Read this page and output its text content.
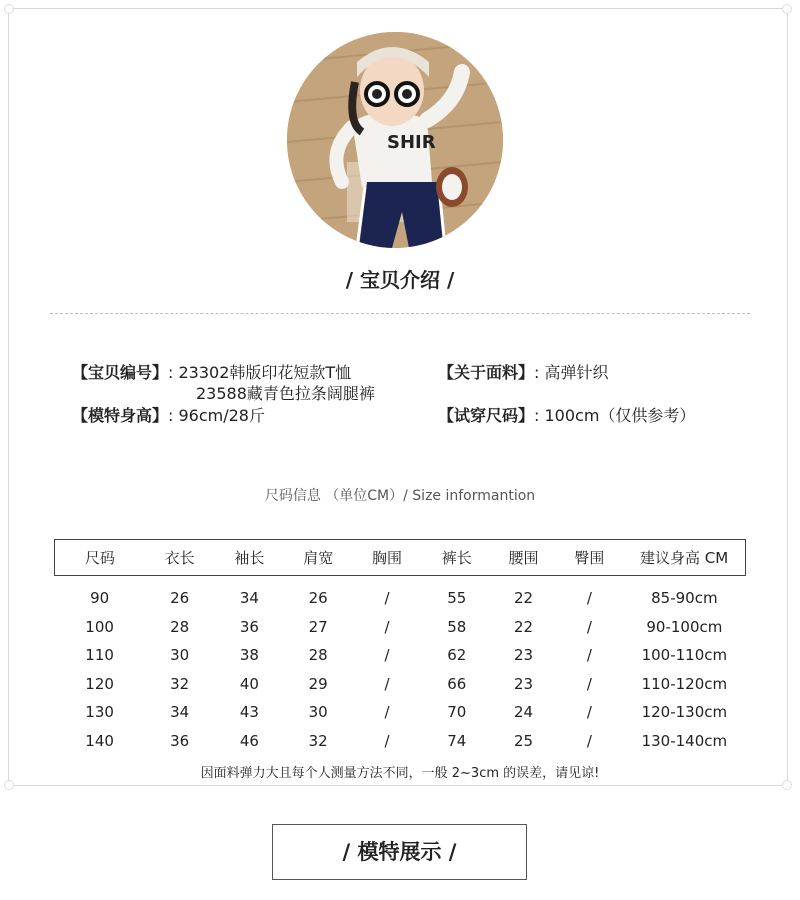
SHIR
/ 宝贝介绍 /
【宝贝编号】: 23302韩版印花短款T恤
23588藏青色拉条阔腿裤
【模特身高】: 96cm/28斤
【关于面料】: 高弹针织
【试穿尺码】: 100cm（仅供参考）
尺码信息 （单位CM）/ Size informantion
尺码	衣长	袖长	肩宽	胸围	裤长	腰围	臀围	建议身高 CM

90	26	34	26	/	55	22	/	85-90cm
100	28	36	27	/	58	22	/	90-100cm
110	30	38	28	/	62	23	/	100-110cm
120	32	40	29	/	66	23	/	110-120cm
130	34	43	30	/	70	24	/	120-130cm
140	36	46	32	/	74	25	/	130-140cm
因面料弹力大且每个人测量方法不同，一般 2~3cm 的误差，请见谅!
/ 模特展示 /
